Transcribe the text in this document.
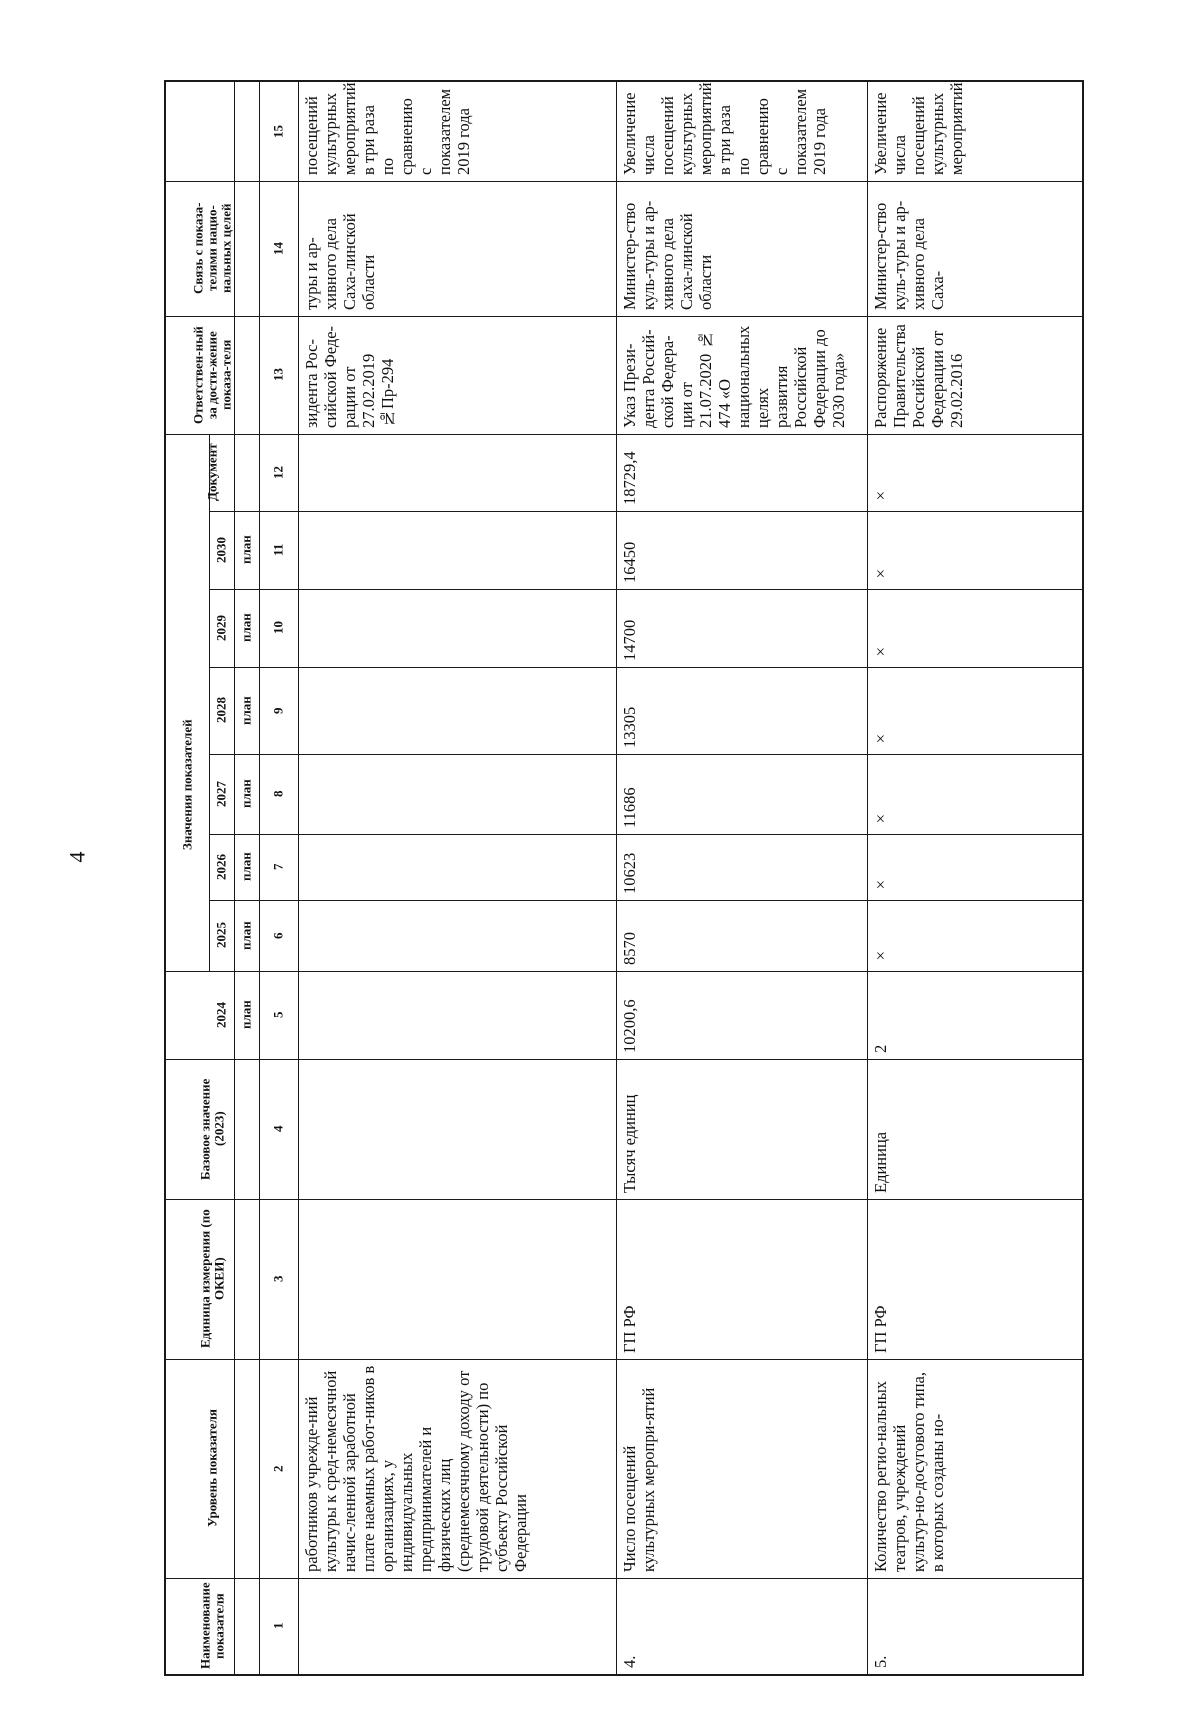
4
Наименование показателя
Уровень показателя
Единица измерения (по ОКЕИ)
Базовое значение (2023)
Значения показателей
2024 план
2025 план
2026 план
2027 план
2028 план
2029 план
2030 план
Документ
Ответствен-ный за дости-жение показа-теля
Связь с показа-телями нацио-нальных целей
1
2
3
4
5
6
7
8
9
10
11
12
13
14
15
работников учрежде-ний культуры к сред-немесячной начис-ленной заработной плате наемных работ-ников в организациях, у индивидуальных предпринимателей и физических лиц (среднемесячному доходу от трудовой деятельности) по субъекту Российской Федерации
зидента Рос-сийской Феде-рации от 27.02.2019 №Пр-294
туры и ар-хивного дела Саха-линской области
посещений культурных мероприятий в три раза по сравнению с показателем 2019 года
4.
Число посещений культурных меропри-ятий
ГП РФ
Тысяч единиц
10200,6
8570
10623
11686
13305
14700
16450
18729,4
Указ Прези-дента Россий-ской Федера-ции от 21.07.2020 № 474 «О национальных целях развития Российской Федерации до 2030 года»
Министер-ство куль-туры и ар-хивного дела Саха-линской области
Увеличение числа посещений культурных мероприятий в три раза по сравнению с показателем 2019 года
5.
Количество регио-нальных театров, учреждений культур-но-досугового типа, в которых созданы но-
ГП РФ
Единица
2
×
×
×
×
×
×
×
Распоряжение Правительства Российской Федерации от 29.02.2016
Министер-ство куль-туры и ар-хивного дела Саха-
Увеличение числа посещений культурных мероприятий
